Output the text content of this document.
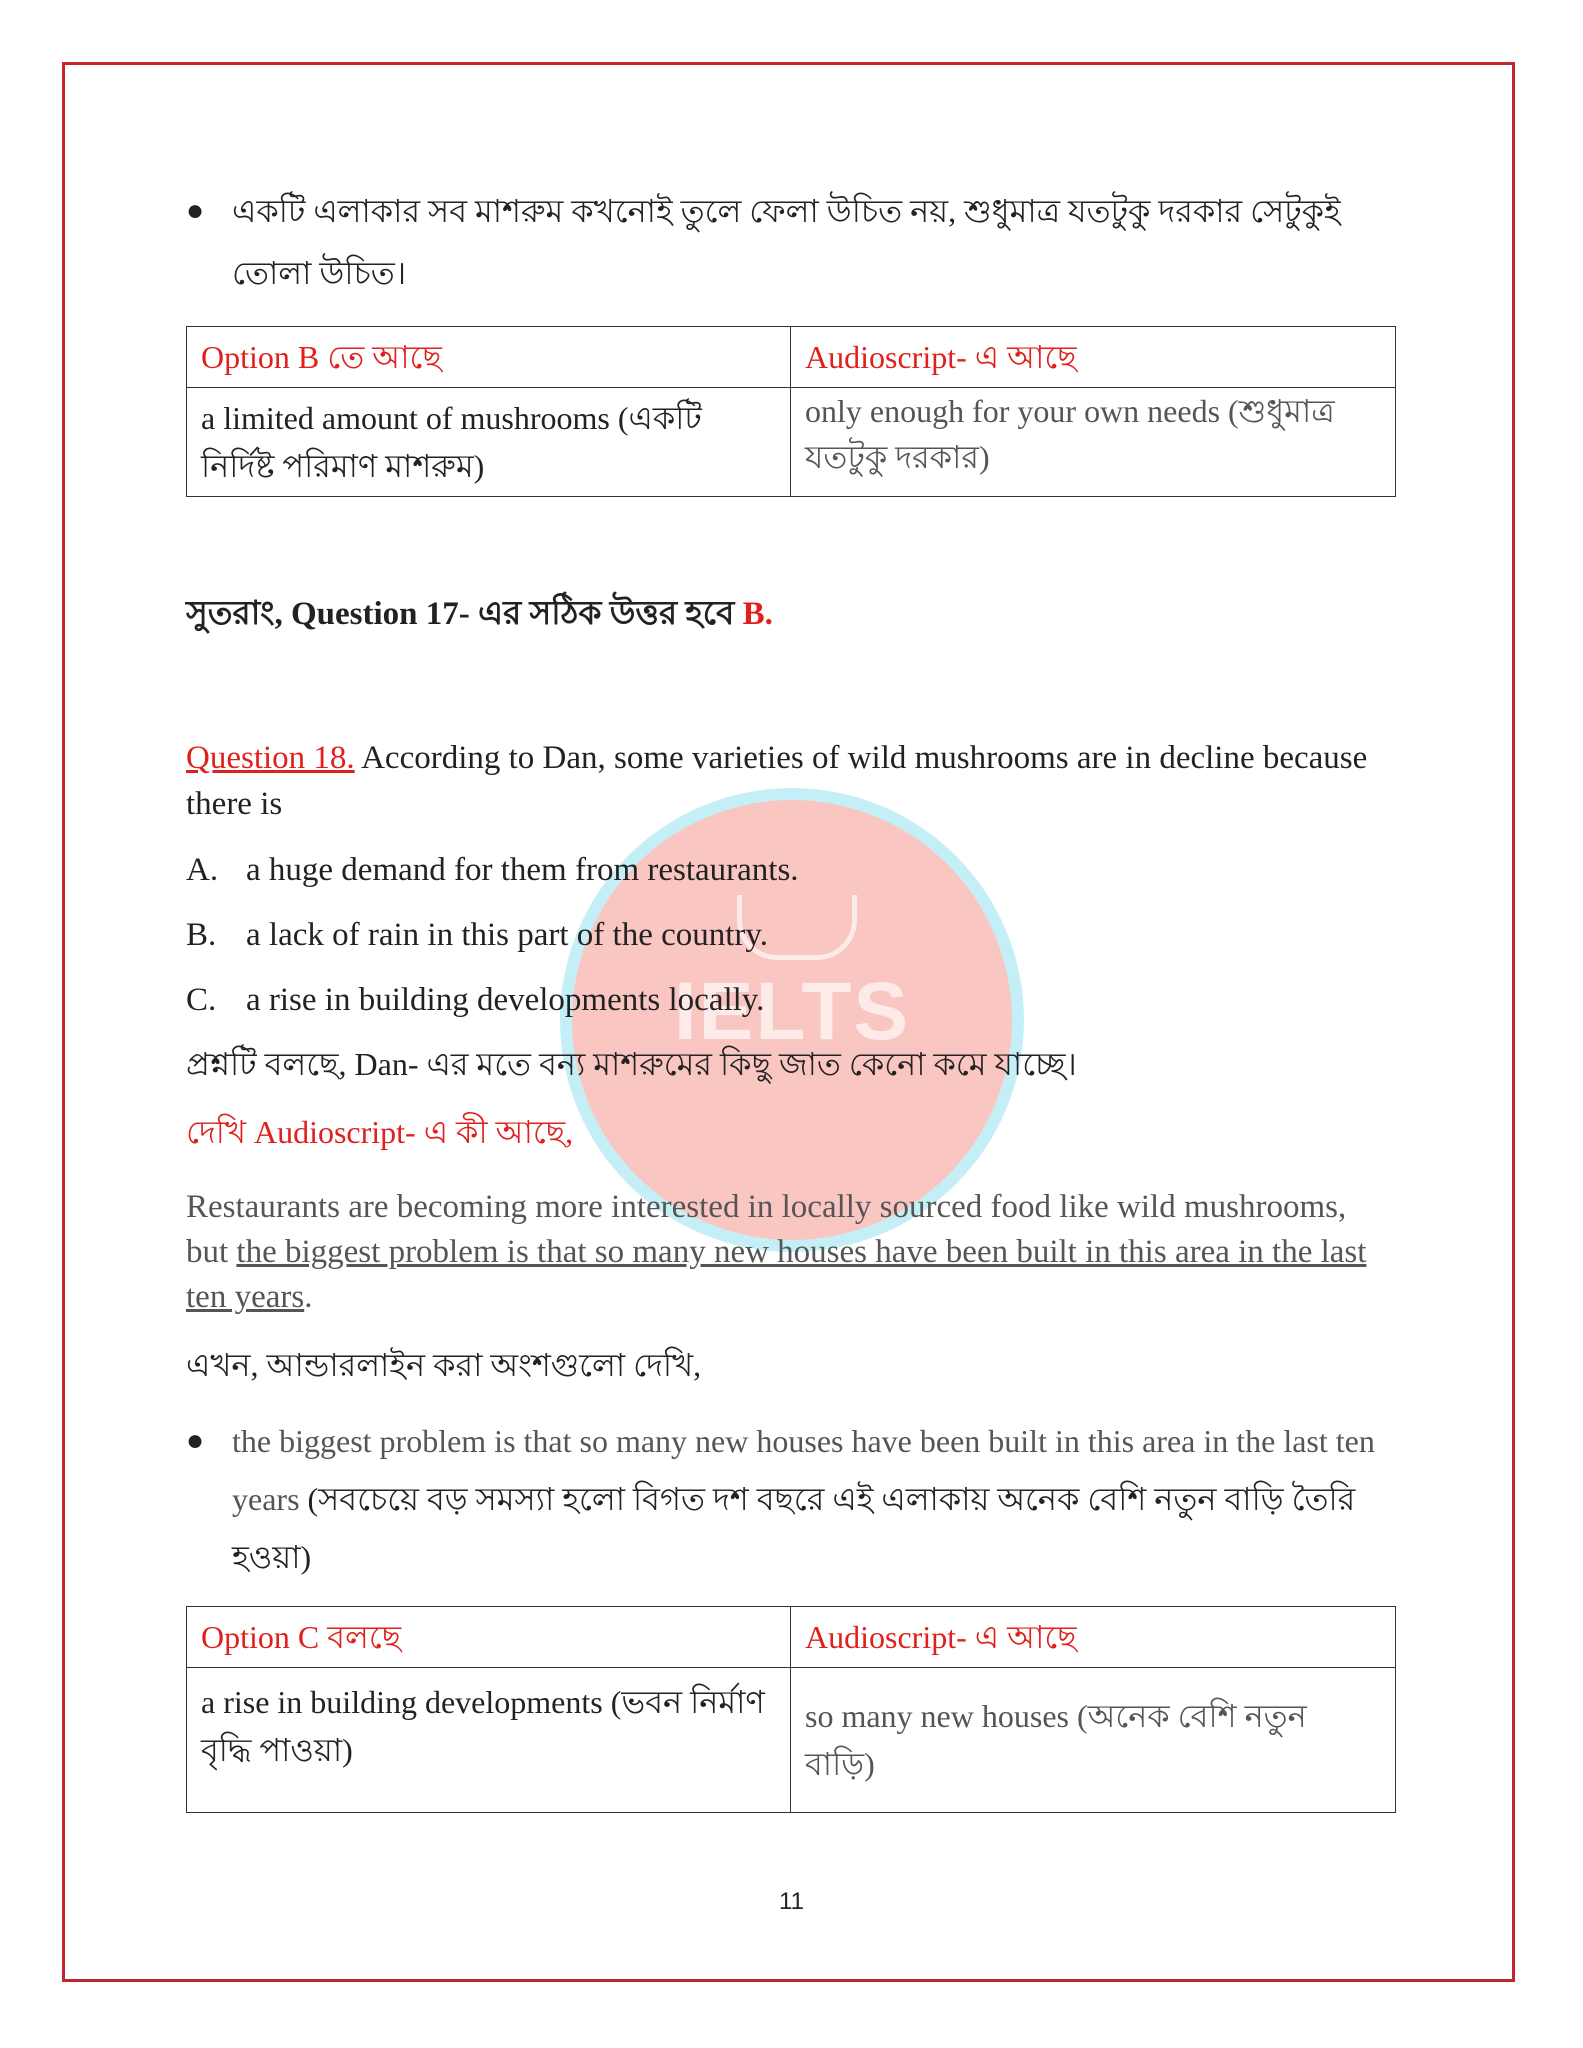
IELTS
● একটি এলাকার সব মাশরুম কখনোই তুলে ফেলা উচিত নয়, শুধুমাত্র যতটুকু দরকার সেটুকুই তোলা উচিত।
Option B তে আছে	Audioscript- এ আছে
a limited amount of mushrooms (একটি নির্দিষ্ট পরিমাণ মাশরুম)	only enough for your own needs (শুধুমাত্র যতটুকু দরকার)
সুতরাং, Question 17- এর সঠিক উত্তর হবে B.
Question 18. According to Dan, some varieties of wild mushrooms are in decline because there is
A. a huge demand for them from restaurants.
B. a lack of rain in this part of the country.
C. a rise in building developments locally.
প্রশ্নটি বলছে, Dan- এর মতে বন্য মাশরুমের কিছু জাত কেনো কমে যাচ্ছে।
দেখি Audioscript- এ কী আছে,
Restaurants are becoming more interested in locally sourced food like wild mushrooms, but the biggest problem is that so many new houses have been built in this area in the last ten years.
এখন, আন্ডারলাইন করা অংশগুলো দেখি,
● the biggest problem is that so many new houses have been built in this area in the last ten years (সবচেয়ে বড় সমস্যা হলো বিগত দশ বছরে এই এলাকায় অনেক বেশি নতুন বাড়ি তৈরি হওয়া)
Option C বলছে	Audioscript- এ আছে
a rise in building developments (ভবন নির্মাণ বৃদ্ধি পাওয়া)	so many new houses (অনেক বেশি নতুন বাড়ি)
11
